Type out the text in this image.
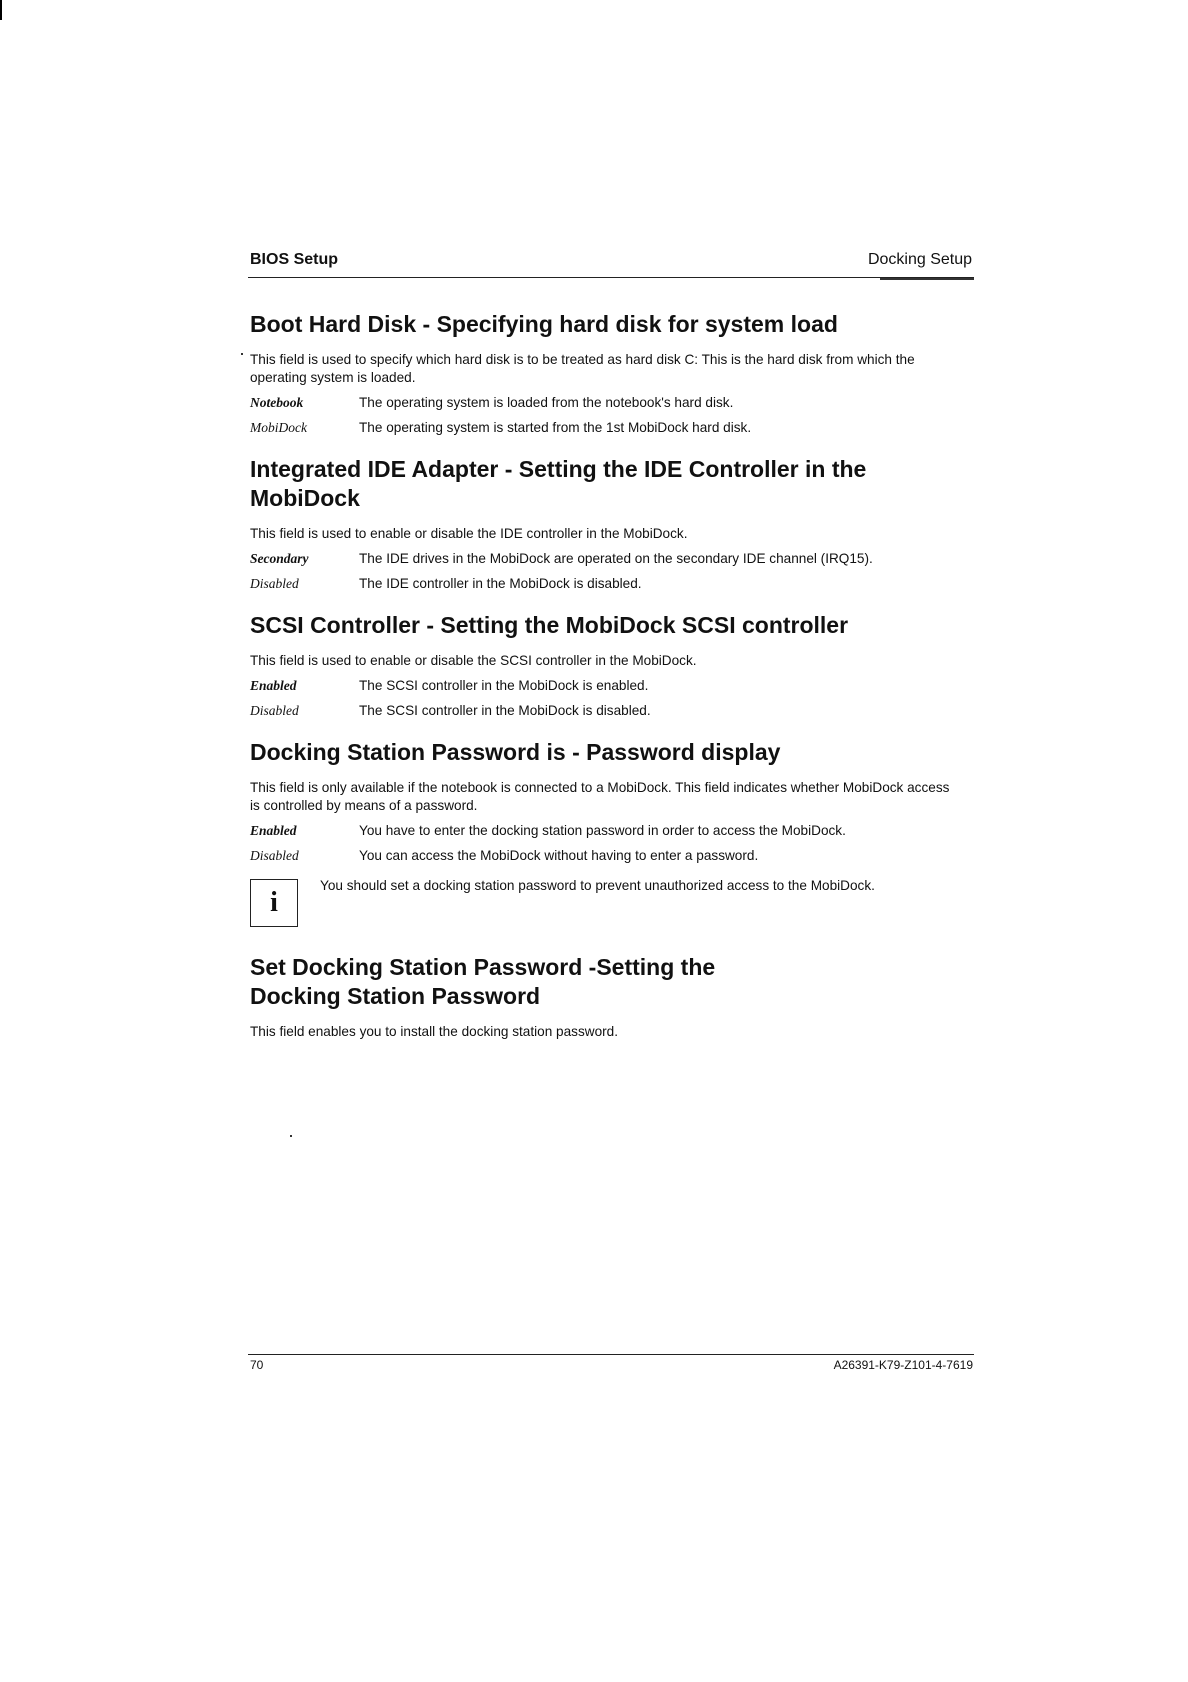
BIOS Setup	Docking Setup
Boot Hard Disk - Specifying hard disk for system load

This field is used to specify which hard disk is to be treated as hard disk C: This is the hard disk from which the operating system is loaded.

Notebook	The operating system is loaded from the notebook's hard disk.
MobiDock	The operating system is started from the 1st MobiDock hard disk.
Integrated IDE Adapter - Setting the IDE Controller in the MobiDock

This field is used to enable or disable the IDE controller in the MobiDock.

Secondary	The IDE drives in the MobiDock are operated on the secondary IDE channel (IRQ15).
Disabled	The IDE controller in the MobiDock is disabled.
SCSI Controller - Setting the MobiDock SCSI controller

This field is used to enable or disable the SCSI controller in the MobiDock.

Enabled	The SCSI controller in the MobiDock is enabled.
Disabled	The SCSI controller in the MobiDock is disabled.
Docking Station Password is - Password display

This field is only available if the notebook is connected to a MobiDock. This field indicates whether MobiDock access is controlled by means of a password.

Enabled	You have to enter the docking station password in order to access the MobiDock.
Disabled	You can access the MobiDock without having to enter a password.
i
You should set a docking station password to prevent unauthorized access to the MobiDock.
Set Docking Station Password -Setting the Docking Station Password

This field enables you to install the docking station password.

70	A26391-K79-Z101-4-7619
